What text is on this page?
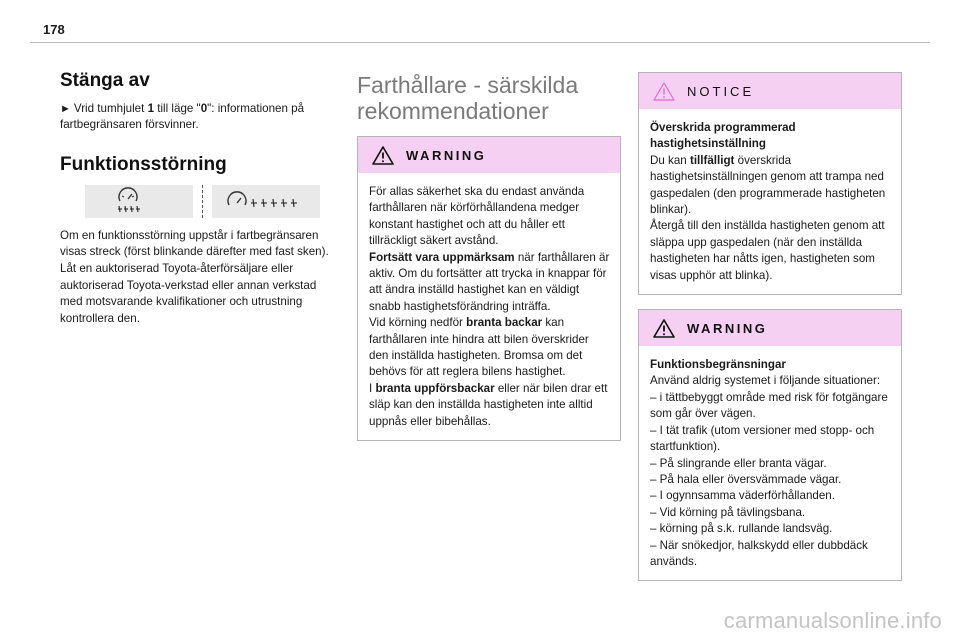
178
Stänga av

► Vrid tumhjulet 1 till läge "0": informationen på fartbegränsaren försvinner.

Funktionsstörning

Om en funktionsstörning uppstår i fartbegränsaren visas streck (först blinkande därefter med fast sken).

Låt en auktoriserad Toyota-återförsäljare eller auktoriserad Toyota-verkstad eller annan verkstad med motsvarande kvalifikationer och utrustning kontrollera den.

Farthållare - särskilda
rekommendationer
WARNING

För allas säkerhet ska du endast använda farthållaren när körförhållandena medger konstant hastighet och att du håller ett tillräckligt säkert avstånd.

Fortsätt vara uppmärksam när farthållaren är aktiv. Om du fortsätter att trycka in knappar för att ändra inställd hastighet kan en väldigt snabb hastighetsförändring inträffa.

Vid körning nedför branta backar kan farthållaren inte hindra att bilen överskrider den inställda hastigheten. Bromsa om det behövs för att reglera bilens hastighet.

I branta uppförsbackar eller när bilen drar ett släp kan den inställda hastigheten inte alltid uppnås eller bibehållas.

NOTICE

Överskrida programmerad hastighetsinställning

Du kan tillfälligt överskrida hastighetsinställningen genom att trampa ned gaspedalen (den programmerade hastigheten blinkar).

Återgå till den inställda hastigheten genom att släppa upp gaspedalen (när den inställda hastigheten har nåtts igen, hastigheten som visas upphör att blinka).

WARNING

Funktionsbegränsningar

Använd aldrig systemet i följande situationer:

– i tättbebyggt område med risk för fotgängare som går över vägen.

– I tät trafik (utom versioner med stopp- och startfunktion).

– På slingrande eller branta vägar.

– På hala eller översvämmade vägar.

– I ogynnsamma väderförhållanden.

– Vid körning på tävlingsbana.

– körning på s.k. rullande landsväg.

– När snökedjor, halkskydd eller dubbdäck används.

carmanualsonline.info
